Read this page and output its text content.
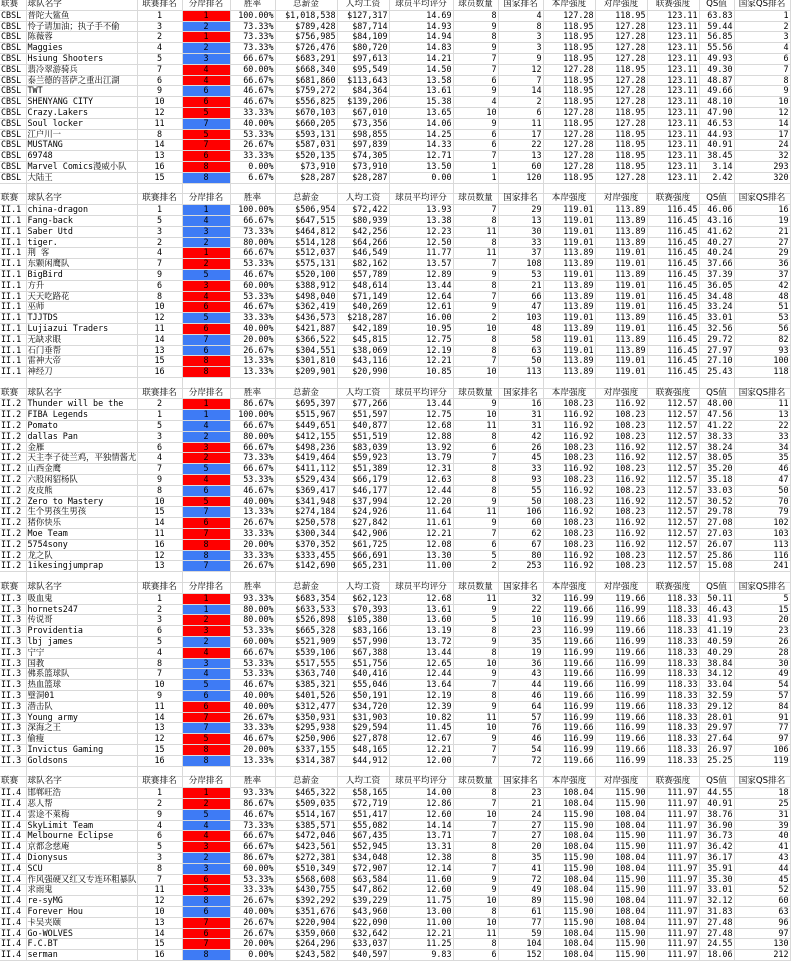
联赛	球队名字	联赛排名	分岸排名	胜率	总薪金	人均工资	球员平均评分	球员数量	国家排名	本岸强度	对岸强度	联赛强度	QS值	国家QS排名
CBSL	普陀大鲨鱼	1	1	100.00%	$1,018,538	$127,317	14.69	8	4	127.28	118.95	123.11	63.83	1
CBSL	怜子请加油；执子手不偷	3	2	73.33%	$789,428	$87,714	14.93	9	8	118.95	127.28	123.11	59.44	2
CBSL	陈薇蓉	2	1	73.33%	$756,985	$84,109	14.94	8	3	118.95	127.28	123.11	56.85	3
CBSL	Maggies	4	2	73.33%	$726,476	$80,720	14.83	9	3	118.95	127.28	123.11	55.56	4
CBSL	Hsiung Shooters	5	3	66.67%	$683,291	$97,613	14.21	7	9	118.95	127.28	123.11	49.93	6
CBSL	翡冷翠游骑兵	7	4	60.00%	$668,340	$95,549	14.50	7	12	127.28	118.95	123.11	49.30	7
CBSL	泰兰德的菩萨之重出江湖	6	4	66.67%	$681,860	$113,643	13.58	6	7	118.95	127.28	123.11	48.87	8
CBSL	TWT	9	6	46.67%	$759,272	$84,364	13.61	9	14	118.95	127.28	123.11	49.66	9
CBSL	SHENYANG CITY	10	6	46.67%	$556,825	$139,206	15.38	4	2	118.95	127.28	123.11	48.10	10
CBSL	Crazy.Lakers	12	5	33.33%	$670,103	$67,010	13.65	10	6	127.28	118.95	123.11	47.90	12
CBSL	Soul locker	11	7	40.00%	$660,205	$73,356	14.06	9	11	118.95	127.28	123.11	46.53	14
CBSL	江户川一	8	5	53.33%	$593,131	$98,855	14.25	6	17	127.28	118.95	123.11	44.93	17
CBSL	MUSTANG	14	7	26.67%	$587,031	$97,839	14.33	6	22	127.28	118.95	123.11	40.91	24
CBSL	69748	13	6	33.33%	$520,135	$74,305	12.71	7	13	127.28	118.95	123.11	38.45	32
CBSL	Marvel Comics漫威小队	16	8	0.00%	$73,910	$73,910	13.50	1	60	127.28	118.95	123.11	3.14	293
CBSL	大陆王	15	8	6.67%	$28,287	$28,287	0.00	1	120	118.95	127.28	123.11	2.42	320

联赛	球队名字	联赛排名	分岸排名	胜率	总薪金	人均工资	球员平均评分	球员数量	国家排名	本岸强度	对岸强度	联赛强度	QS值	国家QS排名
II.1	china-dragon	1	1	100.00%	$506,954	$72,422	13.93	7	29	119.01	113.89	116.45	46.06	16
II.1	Fang-back	5	4	66.67%	$647,515	$80,939	13.38	8	13	119.01	113.89	116.45	43.16	19
II.1	Saber Utd	3	3	73.33%	$464,812	$42,256	12.23	11	30	119.01	113.89	116.45	41.62	21
II.1	tiger.	2	2	80.00%	$514,128	$64,266	12.50	8	33	119.01	113.89	116.45	40.27	27
II.1	荆 客	4	1	66.67%	$512,037	$46,549	11.77	11	37	113.89	119.01	116.45	40.24	29
II.1	东颗闲鹰队	7	2	53.33%	$575,131	$82,162	13.57	7	108	113.89	119.01	116.45	37.66	36
II.1	BigBird	9	5	46.67%	$520,100	$57,789	12.89	9	53	119.01	113.89	116.45	37.39	37
II.1	方升	6	3	60.00%	$388,912	$48,614	13.44	8	21	113.89	119.01	116.45	36.05	42
II.1	天天吃路花	8	4	53.33%	$498,040	$71,149	12.64	7	66	113.89	119.01	116.45	34.48	48
II.1	巫师	10	6	46.67%	$362,419	$40,269	12.61	9	47	113.89	119.01	116.45	33.24	51
II.1	TJJTDS	12	5	33.33%	$436,573	$218,287	16.00	2	103	119.01	113.89	116.45	33.01	53
II.1	Lujiazui Traders	11	6	40.00%	$421,887	$42,189	10.95	10	48	113.89	119.01	116.45	32.56	56
II.1	无缺求眼	14	7	20.00%	$366,522	$45,815	12.75	8	58	119.01	113.89	116.45	29.72	82
II.1	石门垂帮	13	6	26.67%	$304,551	$38,069	12.19	8	63	119.01	113.89	116.45	27.97	93
II.1	雷神大帝	15	8	13.33%	$301,810	$43,116	12.21	7	50	113.89	119.01	116.45	27.10	100
II.1	神经刀	16	8	13.33%	$209,901	$20,990	10.85	10	113	113.89	119.01	116.45	25.43	118

联赛	球队名字	联赛排名	分岸排名	胜率	总薪金	人均工资	球员平均评分	球员数量	国家排名	本岸强度	对岸强度	联赛强度	QS值	国家QS排名
II.2	Thunder will be the	2	1	86.67%	$695,397	$77,266	13.44	9	16	108.23	116.92	112.57	48.00	11
II.2	FIBA Legends	1	1	100.00%	$515,967	$51,597	12.75	10	31	116.92	108.23	112.57	47.56	13
II.2	Pomato	5	4	66.67%	$449,651	$40,877	12.68	11	31	116.92	108.23	112.57	41.22	22
II.2	dallas Pan	3	2	80.00%	$412,155	$51,519	12.88	8	42	116.92	108.23	112.57	38.33	33
II.2	金雁	6	3	66.67%	$498,236	$83,039	13.92	6	26	108.23	116.92	112.57	38.24	34
II.2	天主李子徒兰鸡，平独情酱尤	4	2	73.33%	$419,464	$59,923	13.79	7	45	108.23	116.92	112.57	38.05	35
II.2	山西金鹰	7	5	66.67%	$411,112	$51,389	12.31	8	33	116.92	108.23	112.57	35.20	46
II.2	六股闲貂杨队	9	4	53.33%	$529,434	$66,179	12.63	8	93	108.23	116.92	112.57	35.18	47
II.2	皮皮熊	8	6	46.67%	$369,417	$46,177	12.44	8	55	116.92	108.23	112.57	33.03	50
II.2	Zero to Mastery	10	5	40.00%	$341,948	$37,994	12.20	9	50	108.23	116.92	112.57	30.52	70
II.2	生个男孩生男孩	15	7	13.33%	$274,184	$24,926	11.64	11	106	116.92	108.23	112.57	29.78	79
II.2	猪你快乐	14	6	26.67%	$250,578	$27,842	11.61	9	60	108.23	116.92	112.57	27.08	102
II.2	Moe Team	11	7	33.33%	$300,344	$42,906	12.21	7	62	108.23	116.92	112.57	27.03	103
II.2	5754sony	16	8	20.00%	$370,352	$61,725	12.08	6	67	108.23	116.92	112.57	26.07	113
II.2	龙之队	12	8	33.33%	$333,455	$66,691	13.30	5	80	116.92	108.23	112.57	25.86	116
II.2	1ikesingjumprap	13	7	26.67%	$142,690	$65,231	11.00	2	253	116.92	108.23	112.57	15.08	241

联赛	球队名字	联赛排名	分岸排名	胜率	总薪金	人均工资	球员平均评分	球员数量	国家排名	本岸强度	对岸强度	联赛强度	QS值	国家QS排名
II.3	吸血鬼	1	1	93.33%	$683,354	$62,123	12.68	11	32	116.99	119.66	118.33	50.11	5
II.3	hornets247	2	1	80.00%	$633,533	$70,393	13.61	9	22	119.66	116.99	118.33	46.43	15
II.3	传说哥	3	2	80.00%	$526,898	$105,380	13.60	5	10	116.99	119.66	118.33	41.93	20
II.3	Providentia	6	3	53.33%	$665,328	$83,166	13.19	8	23	116.99	119.66	118.33	41.19	23
II.3	lbj james	5	2	60.00%	$521,909	$57,990	13.72	9	35	119.66	116.99	118.33	40.59	26
II.3	宁宁	4	4	66.67%	$539,106	$67,388	13.44	8	19	116.99	119.66	118.33	40.29	28
II.3	国教	8	3	53.33%	$517,555	$51,756	12.65	10	36	119.66	116.99	118.33	38.84	30
II.3	佛系篮球队	7	4	53.33%	$363,740	$40,416	12.44	9	43	119.66	116.99	118.33	34.12	49
II.3	热血篮球	10	5	46.67%	$385,321	$55,046	13.64	7	44	119.66	116.99	118.33	33.04	54
II.3	璧洞01	9	6	40.00%	$401,526	$50,191	12.19	8	46	119.66	116.99	118.33	32.59	57
II.3	潜击队	11	6	40.00%	$312,477	$34,720	12.39	9	64	116.99	119.66	118.33	29.12	84
II.3	Young army	14	7	26.67%	$350,931	$31,903	10.82	11	57	116.99	119.66	118.33	28.01	91
II.3	深海之王	13	7	33.33%	$295,938	$29,594	11.45	10	76	119.66	116.99	118.33	29.97	77
II.3	偷瘦	12	5	46.67%	$250,906	$27,878	12.67	9	46	116.99	119.66	118.33	27.64	97
II.3	Invictus Gaming	15	8	20.00%	$337,155	$48,165	12.21	7	54	116.99	119.66	118.33	26.97	106
II.3	Goldsons	16	8	13.33%	$314,387	$44,912	12.00	7	72	119.66	116.99	118.33	25.25	119

联赛	球队名字	联赛排名	分岸排名	胜率	总薪金	人均工资	球员平均评分	球员数量	国家排名	本岸强度	对岸强度	联赛强度	QS值	国家QS排名
II.4	邯郸旺浩	1	1	93.33%	$465,322	$58,165	14.00	8	23	108.04	115.90	111.97	44.55	18
II.4	恶人帮	2	2	86.67%	$509,035	$72,719	12.86	7	21	108.04	115.90	111.97	40.91	25
II.4	雲途不萊梅	9	5	46.67%	$514,167	$51,417	12.60	10	24	115.90	108.04	111.97	38.76	31
II.4	SkyLimit Team	4	4	73.33%	$385,571	$55,082	14.14	7	27	115.90	108.04	111.97	36.90	39
II.4	Melbourne Eclipse	6	4	66.67%	$472,046	$67,435	13.71	7	27	108.04	115.90	111.97	36.73	40
II.4	京都念慈庵	5	3	66.67%	$423,561	$52,945	13.31	8	20	108.04	115.90	111.97	36.42	41
II.4	Dionysus	3	2	86.67%	$272,381	$34,048	12.38	8	35	115.90	108.04	111.97	36.17	43
II.4	SCU	8	3	60.00%	$510,349	$72,907	12.14	7	41	115.90	108.04	111.97	35.91	44
II.4	作风强硬又红又专连环粗暴队	7	6	53.33%	$568,608	$63,584	11.60	9	72	108.04	115.90	111.97	35.30	45
II.4	求雨鬼	11	5	33.33%	$430,755	$47,862	12.60	9	49	108.04	115.90	111.97	33.01	52
II.4	re-syMG	12	8	26.67%	$392,292	$39,229	11.75	10	89	115.90	108.04	111.97	32.12	60
II.4	Forever Hou	10	6	40.00%	$351,676	$43,960	13.00	8	61	115.90	108.04	111.97	31.83	63
II.4	卡吴夹颐	13	7	26.67%	$220,904	$22,090	11.00	10	77	115.90	108.04	111.97	27.48	96
II.4	Go-WOLVES	14	6	26.67%	$359,060	$32,642	12.21	11	59	108.04	115.90	111.97	27.48	97
II.4	F.C.BT	15	7	20.00%	$264,296	$33,037	11.25	8	104	108.04	115.90	111.97	24.55	130
II.4	serman	16	8	0.00%	$243,582	$40,597	9.83	6	152	108.04	115.90	111.97	18.06	212
